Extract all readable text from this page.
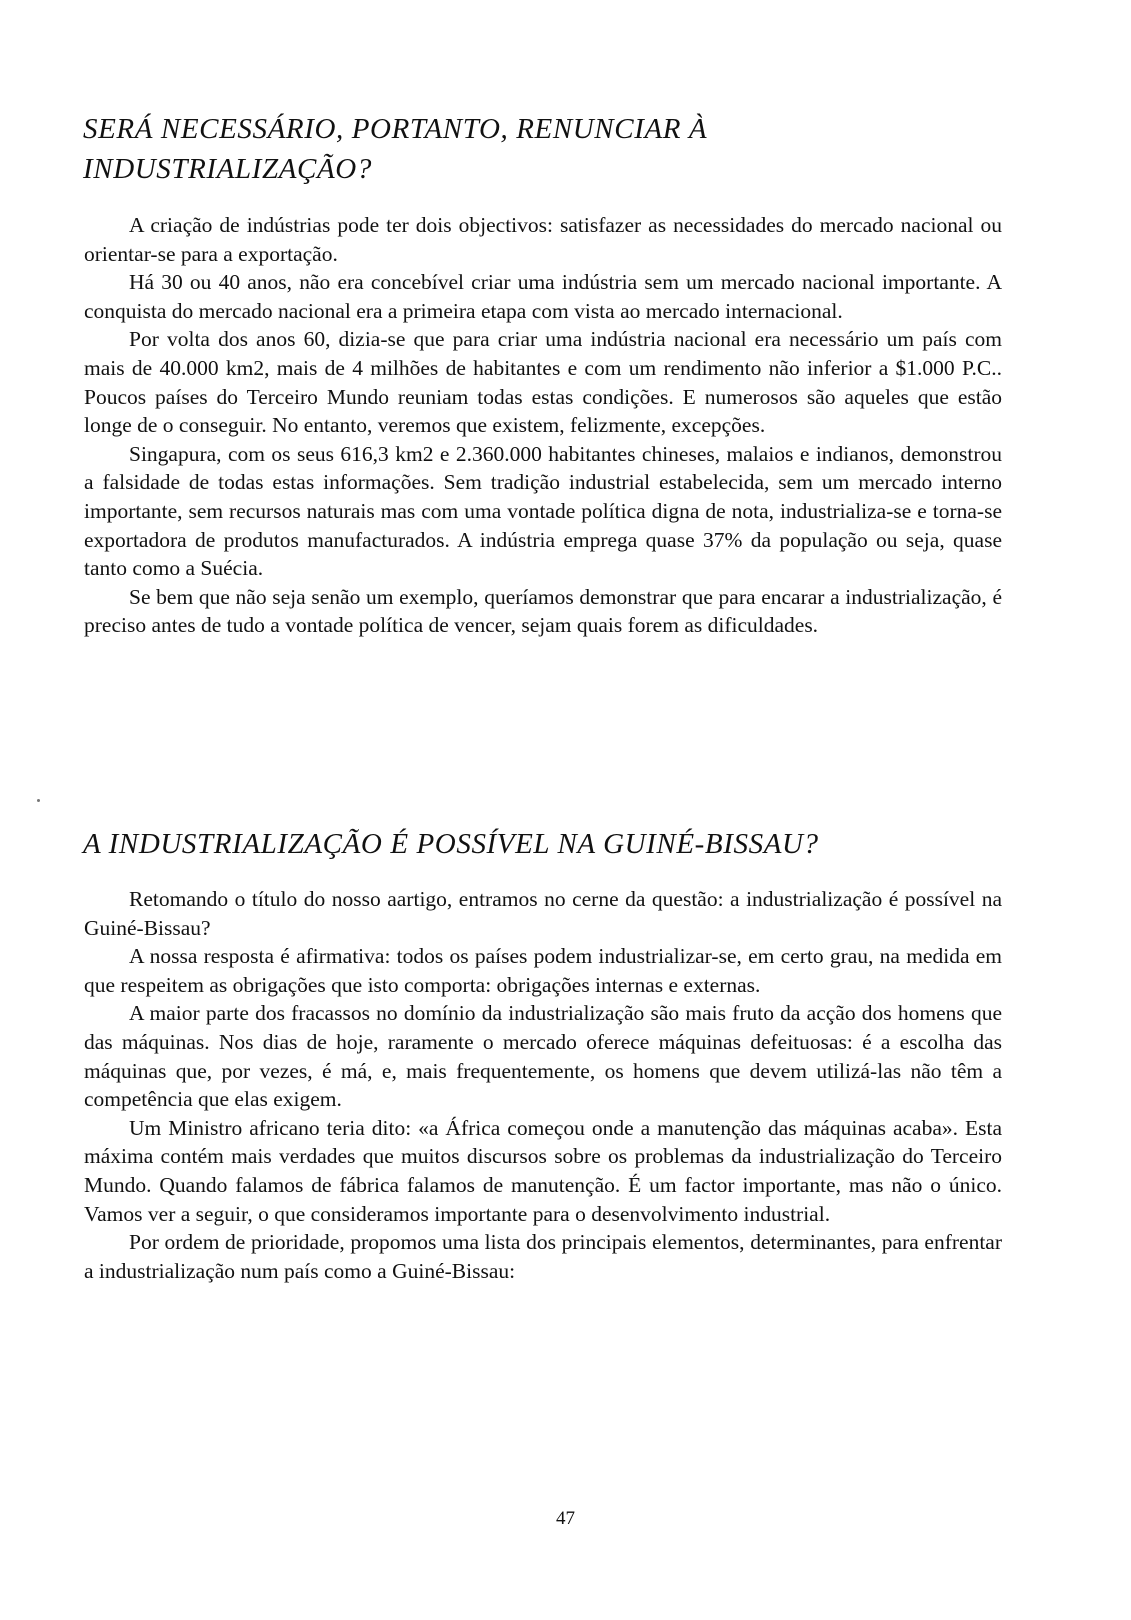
SERÁ NECESSÁRIO, PORTANTO, RENUNCIAR À INDUSTRIALIZAÇÃO?

A criação de indústrias pode ter dois objectivos: satisfazer as necessidades do mercado nacional ou orientar-se para a exportação.

Há 30 ou 40 anos, não era concebível criar uma indústria sem um mercado nacional importante. A conquista do mercado nacional era a primeira etapa com vista ao mercado internacional.

Por volta dos anos 60, dizia-se que para criar uma indústria nacional era necessário um país com mais de 40.000 km2, mais de 4 milhões de habitantes e com um rendimento não inferior a $1.000 P.C.. Poucos países do Terceiro Mundo reuniam todas estas condições. E numerosos são aqueles que estão longe de o conseguir. No entanto, veremos que existem, felizmente, excepções.

Singapura, com os seus 616,3 km2 e 2.360.000 habitantes chineses, malaios e indianos, demonstrou a falsidade de todas estas informações. Sem tradição industrial estabelecida, sem um mercado interno importante, sem recursos naturais mas com uma vontade política digna de nota, industrializa-se e torna-se exportadora de produtos manufacturados. A indústria emprega quase 37% da população ou seja, quase tanto como a Suécia.

Se bem que não seja senão um exemplo, queríamos demonstrar que para encarar a industrialização, é preciso antes de tudo a vontade política de vencer, sejam quais forem as dificuldades.

A INDUSTRIALIZAÇÃO É POSSÍVEL NA GUINÉ-BISSAU?

Retomando o título do nosso aartigo, entramos no cerne da questão: a industrialização é possível na Guiné-Bissau?

A nossa resposta é afirmativa: todos os países podem industrializar-se, em certo grau, na medida em que respeitem as obrigações que isto comporta: obrigações internas e externas.

A maior parte dos fracassos no domínio da industrialização são mais fruto da acção dos homens que das máquinas. Nos dias de hoje, raramente o mercado oferece máquinas defeituosas: é a escolha das máquinas que, por vezes, é má, e, mais frequentemente, os homens que devem utilizá-las não têm a competência que elas exigem.

Um Ministro africano teria dito: «a África começou onde a manutenção das máquinas acaba». Esta máxima contém mais verdades que muitos discursos sobre os problemas da industrialização do Terceiro Mundo. Quando falamos de fábrica falamos de manutenção. É um factor importante, mas não o único. Vamos ver a seguir, o que consideramos importante para o desenvolvimento industrial.

Por ordem de prioridade, propomos uma lista dos principais elementos, determinantes, para enfrentar a industrialização num país como a Guiné-Bissau:

47
